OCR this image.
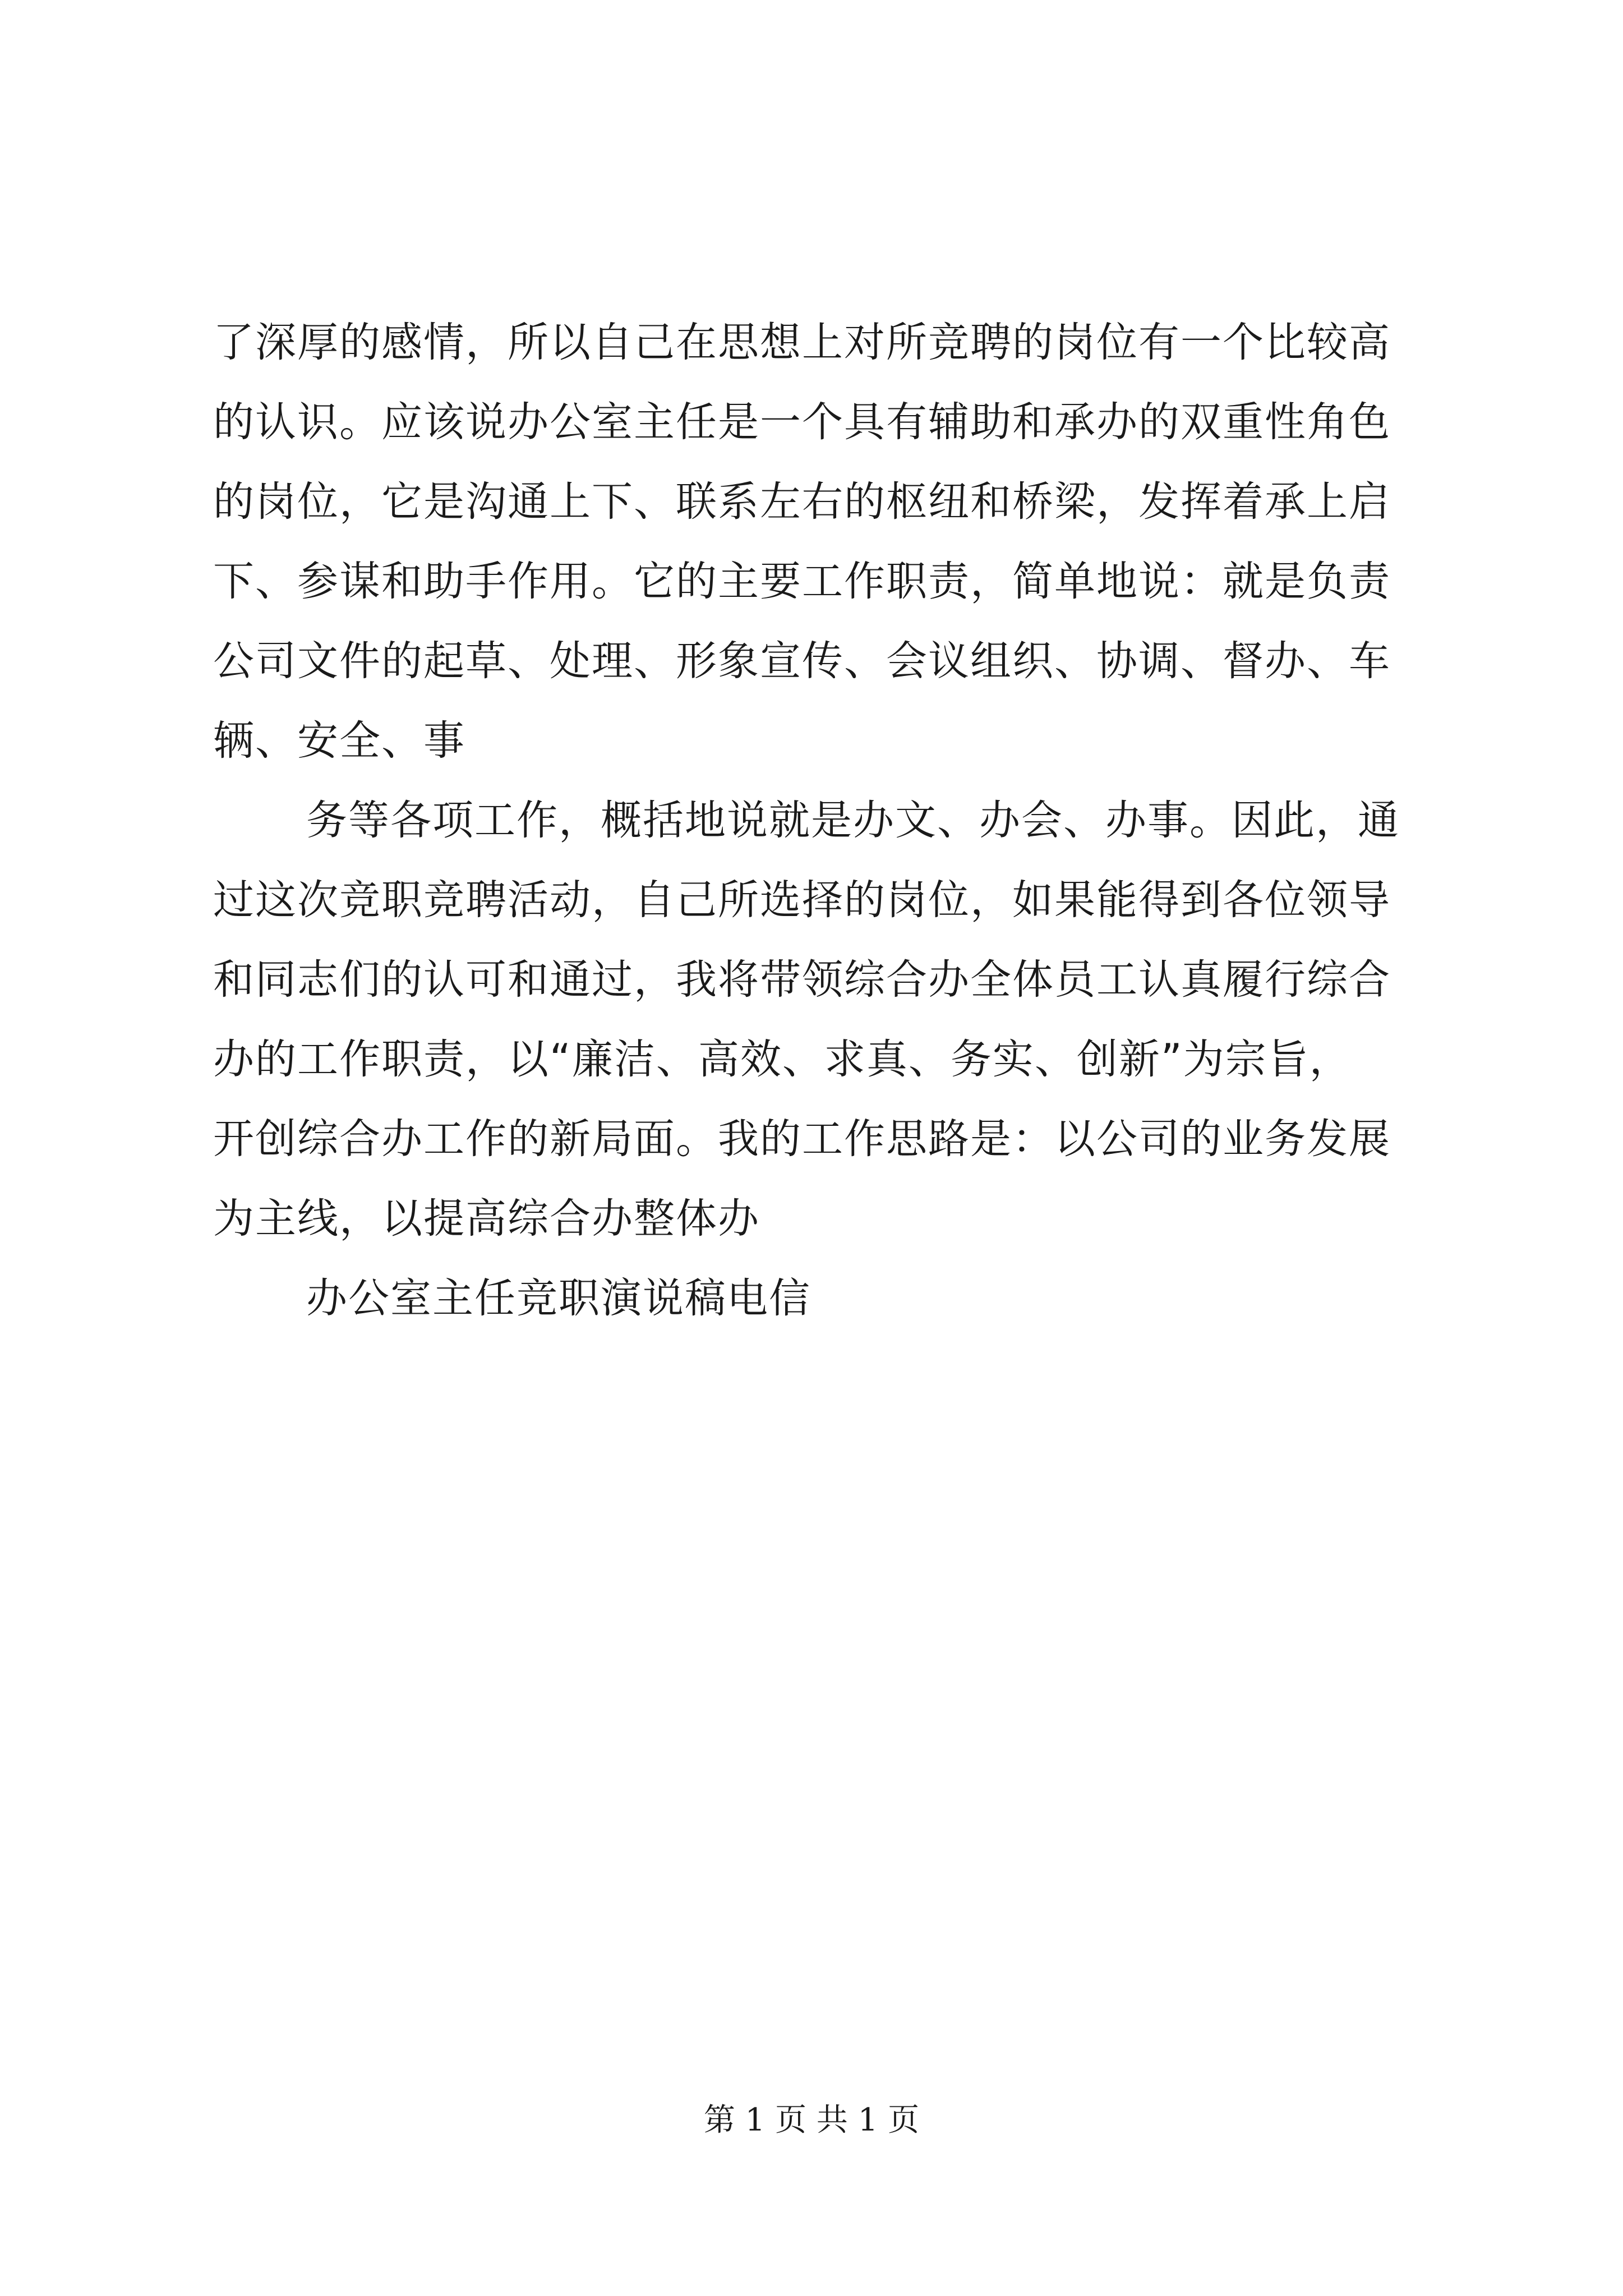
了深厚的感情，所以自己在思想上对所竞聘的岗位有一个比较高
的认识。应该说办公室主任是一个具有辅助和承办的双重性角色
的岗位，它是沟通上下、联系左右的枢纽和桥梁，发挥着承上启
下、参谋和助手作用。它的主要工作职责，简单地说：就是负责
公司文件的起草、处理、形象宣传、会议组织、协调、督办、车
辆、安全、事

务等各项工作，概括地说就是办文、办会、办事。因此，通
过这次竞职竞聘活动，自己所选择的岗位，如果能得到各位领导
和同志们的认可和通过，我将带领综合办全体员工认真履行综合
办的工作职责，以“廉洁、高效、求真、务实、创新”为宗旨，
开创综合办工作的新局面。我的工作思路是：以公司的业务发展
为主线，以提高综合办整体办

办公室主任竞职演说稿电信

第 1 页 共 1 页
